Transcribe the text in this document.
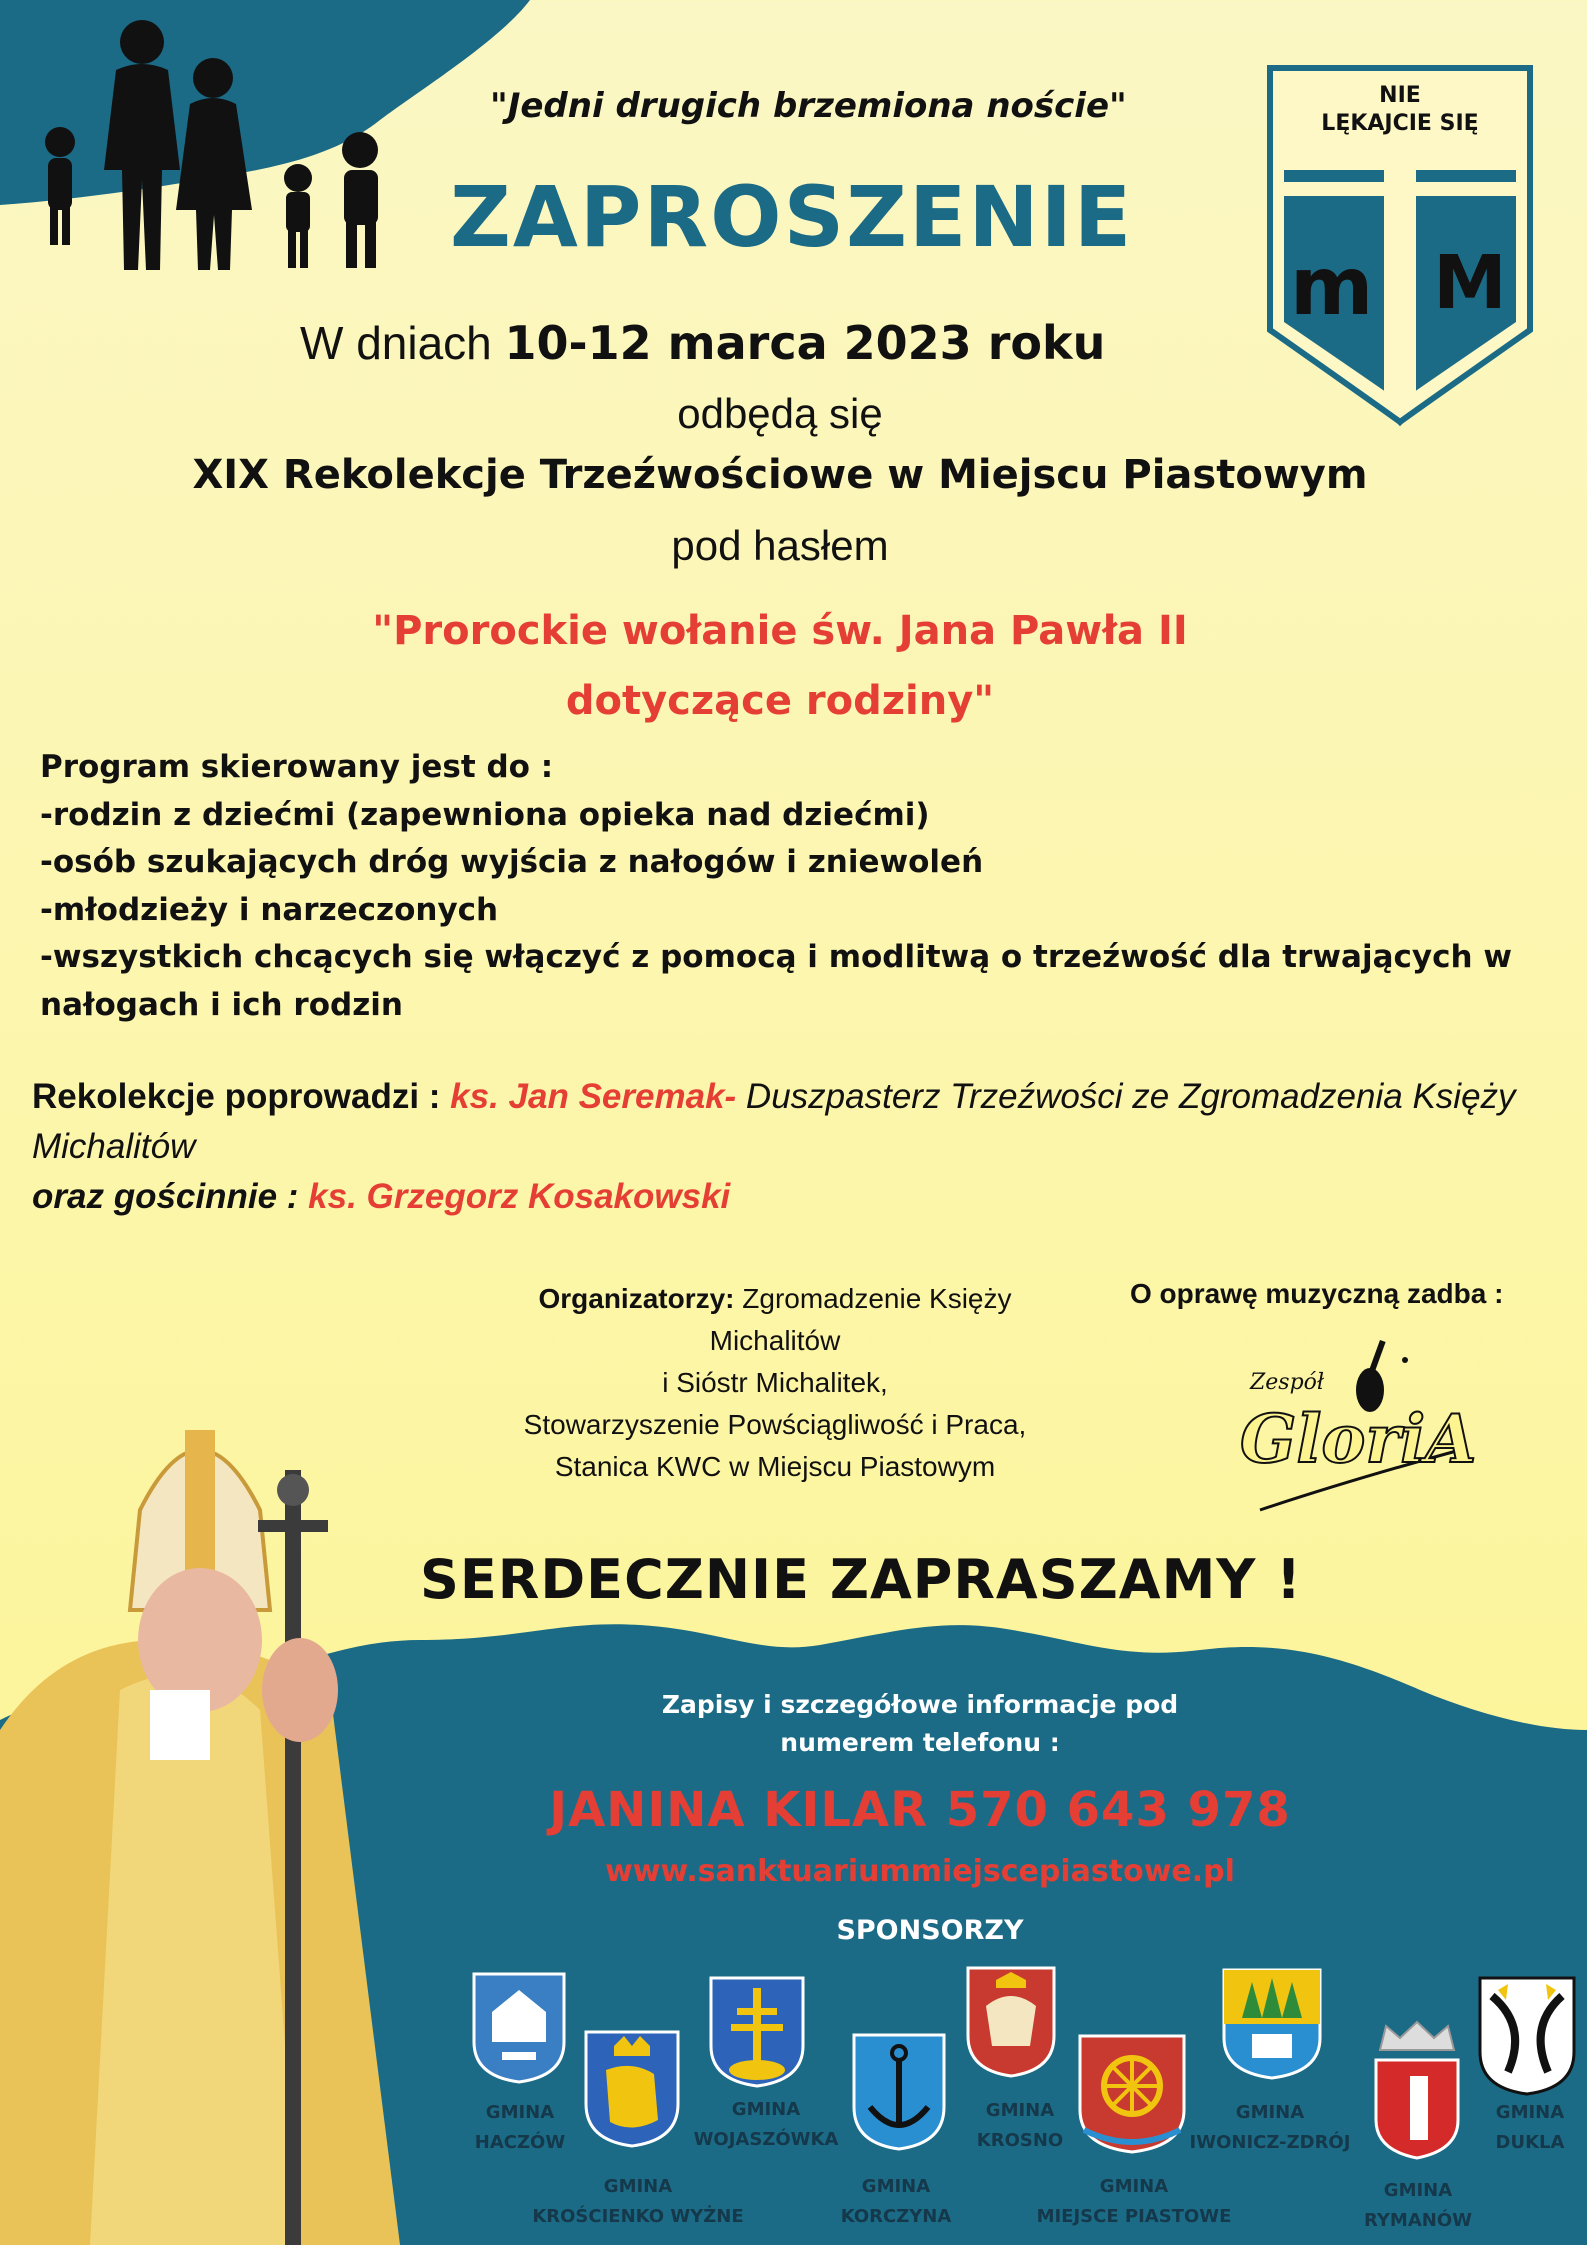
NIE
LĘKAJCIE SIĘ
m M
"Jedni drugich brzemiona noście"
ZAPROSZENIE
W dniach 10-12 marca 2023 roku
odbędą się
XIX Rekolekcje Trzeźwościowe w Miejscu Piastowym
pod hasłem
"Prorockie wołanie św. Jana Pawła II
dotyczące rodziny"
Program skierowany jest do :
-rodzin z dziećmi (zapewniona opieka nad dziećmi)
-osób szukających dróg wyjścia z nałogów i zniewoleń
-młodzieży i narzeczonych
-wszystkich chcących się włączyć z pomocą i modlitwą o trzeźwość dla trwających w nałogach i ich rodzin
Rekolekcje poprowadzi : ks. Jan Seremak- Duszpasterz Trzeźwości ze Zgromadzenia Księży Michalitów
oraz gościnnie : ks. Grzegorz Kosakowski
Organizatorzy: Zgromadzenie Księży
Michalitów
i Sióstr Michalitek,
Stowarzyszenie Powściągliwość i Praca,
Stanica KWC w Miejscu Piastowym
O oprawę muzyczną zadba :
Zespół
GloriA
SERDECZNIE ZAPRASZAMY !
Zapisy i szczegółowe informacje pod
numerem telefonu :
JANINA KILAR 570 643 978
www.sanktuariummiejscepiastowe.pl
SPONSORZY
GMINA
HACZÓW
GMINA
KROŚCIENKO WYŻNE
GMINA
WOJASZÓWKA
GMINA
KORCZYNA
GMINA
KROSNO
GMINA
MIEJSCE PIASTOWE
GMINA
IWONICZ-ZDRÓJ
GMINA
RYMANÓW
GMINA
DUKLA
